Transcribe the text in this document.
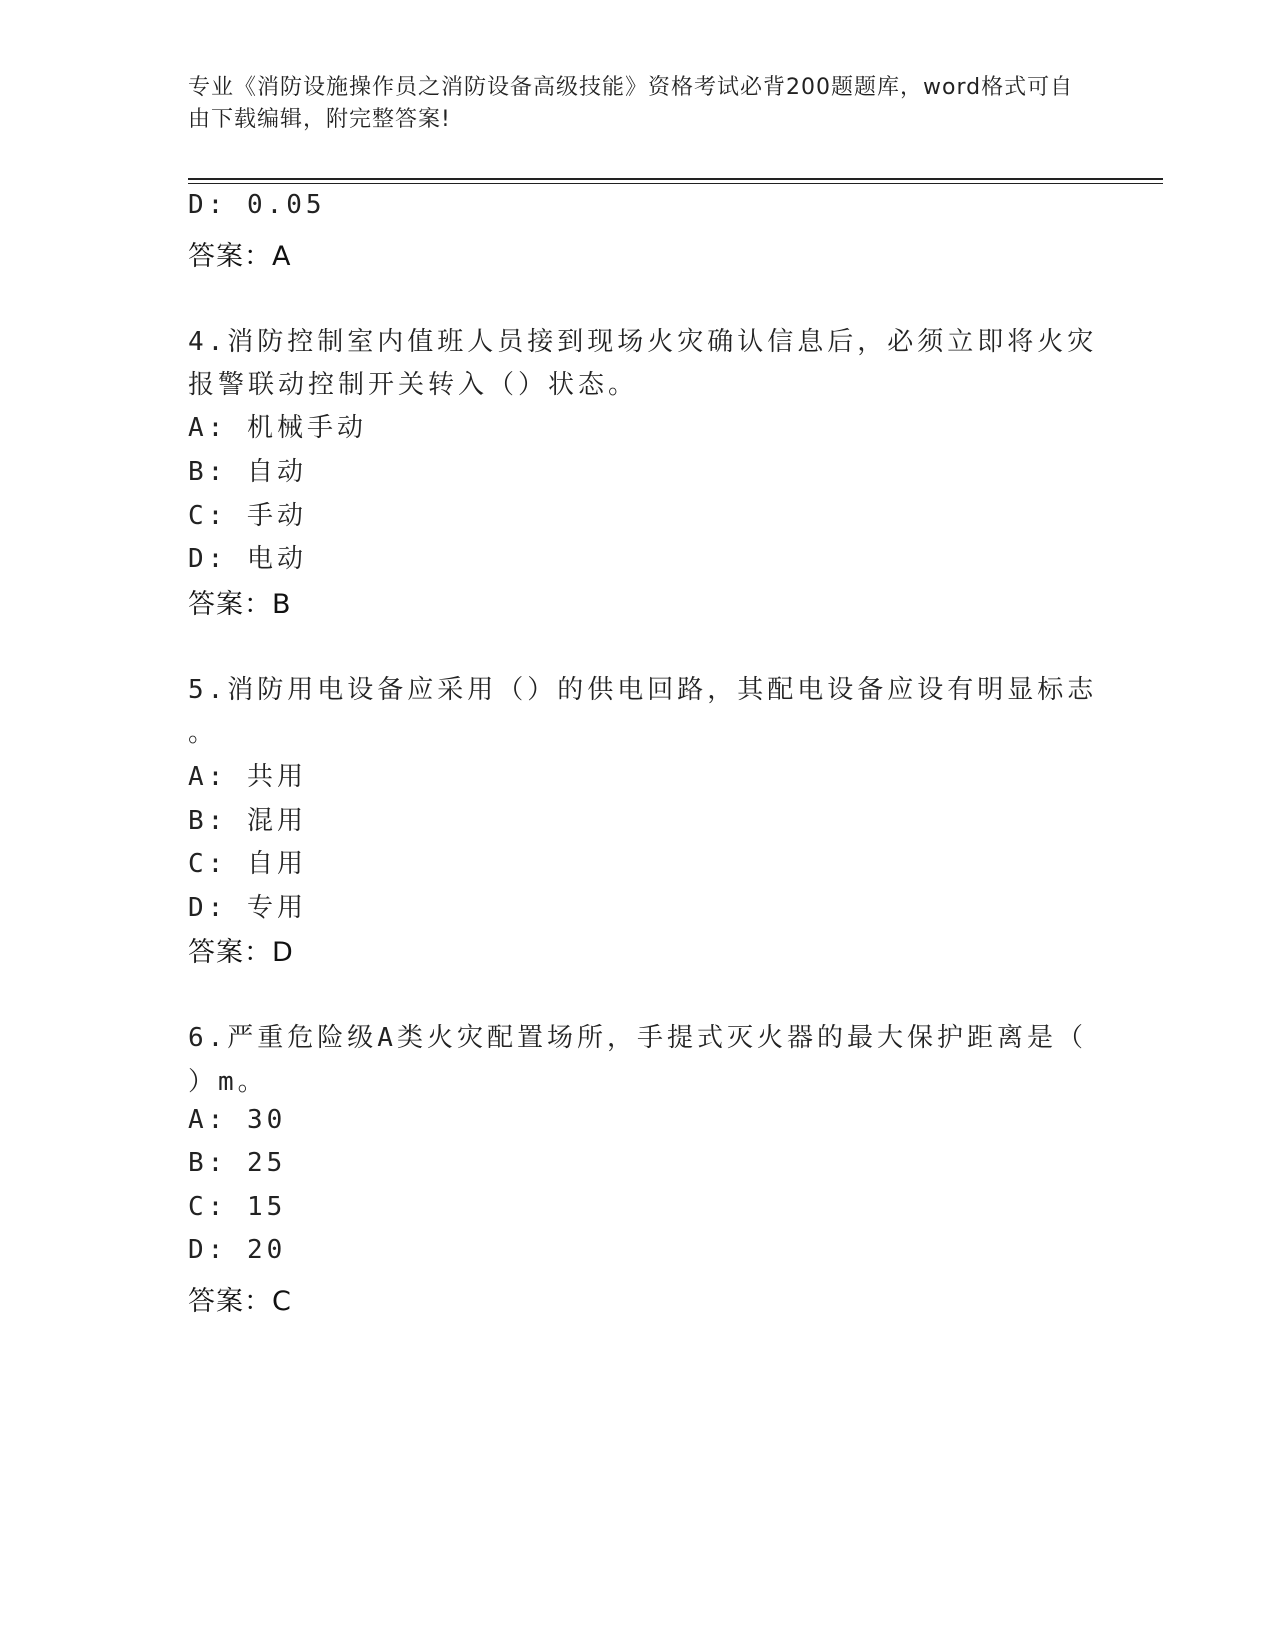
专业《消防设施操作员之消防设备高级技能》资格考试必背200题题库，word格式可自由下载编辑，附完整答案!
D: 0.05
答案：A
4.消防控制室内值班人员接到现场火灾确认信息后，必须立即将火灾
报警联动控制开关转入（）状态。
A: 机械手动
B: 自动
C: 手动
D: 电动
答案：B
5.消防用电设备应采用（）的供电回路，其配电设备应设有明显标志
。
A: 共用
B: 混用
C: 自用
D: 专用
答案：D
6.严重危险级A类火灾配置场所，手提式灭火器的最大保护距离是（
）m。
A: 30
B: 25
C: 15
D: 20
答案：C
